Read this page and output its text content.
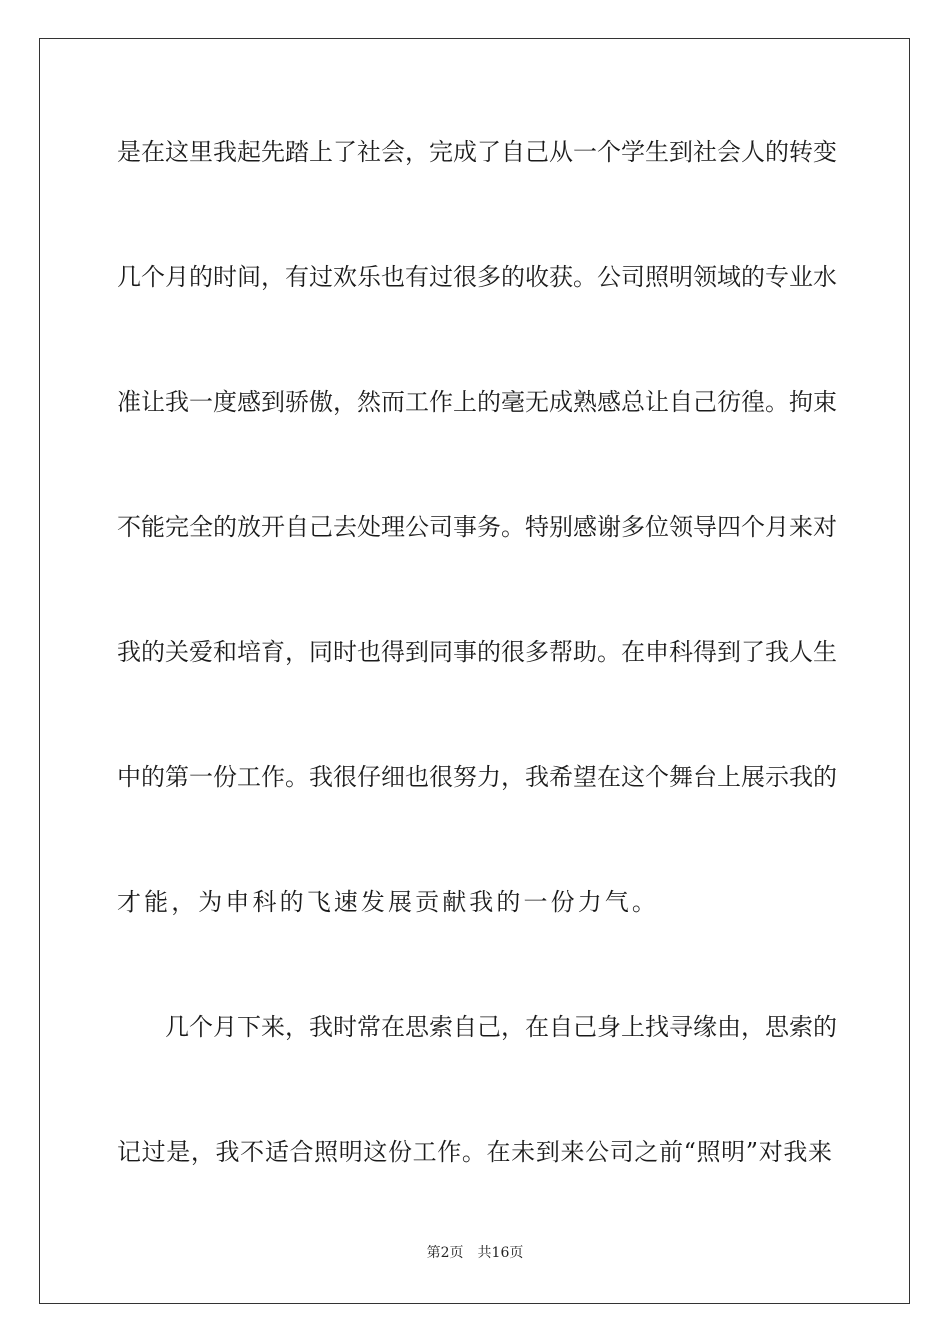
是在这里我起先踏上了社会，完成了自己从一个学生到社会人的转变
几个月的时间，有过欢乐也有过很多的收获。公司照明领域的专业水
准让我一度感到骄傲，然而工作上的毫无成熟感总让自己彷徨。拘束
不能完全的放开自己去处理公司事务。特别感谢多位领导四个月来对
我的关爱和培育，同时也得到同事的很多帮助。在申科得到了我人生
中的第一份工作。我很仔细也很努力，我希望在这个舞台上展示我的
才能，为申科的飞速发展贡献我的一份力气。
几个月下来，我时常在思索自己，在自己身上找寻缘由，思索的
记过是，我不适合照明这份工作。在未到来公司之前“照明”对我来
第2页 共16页
